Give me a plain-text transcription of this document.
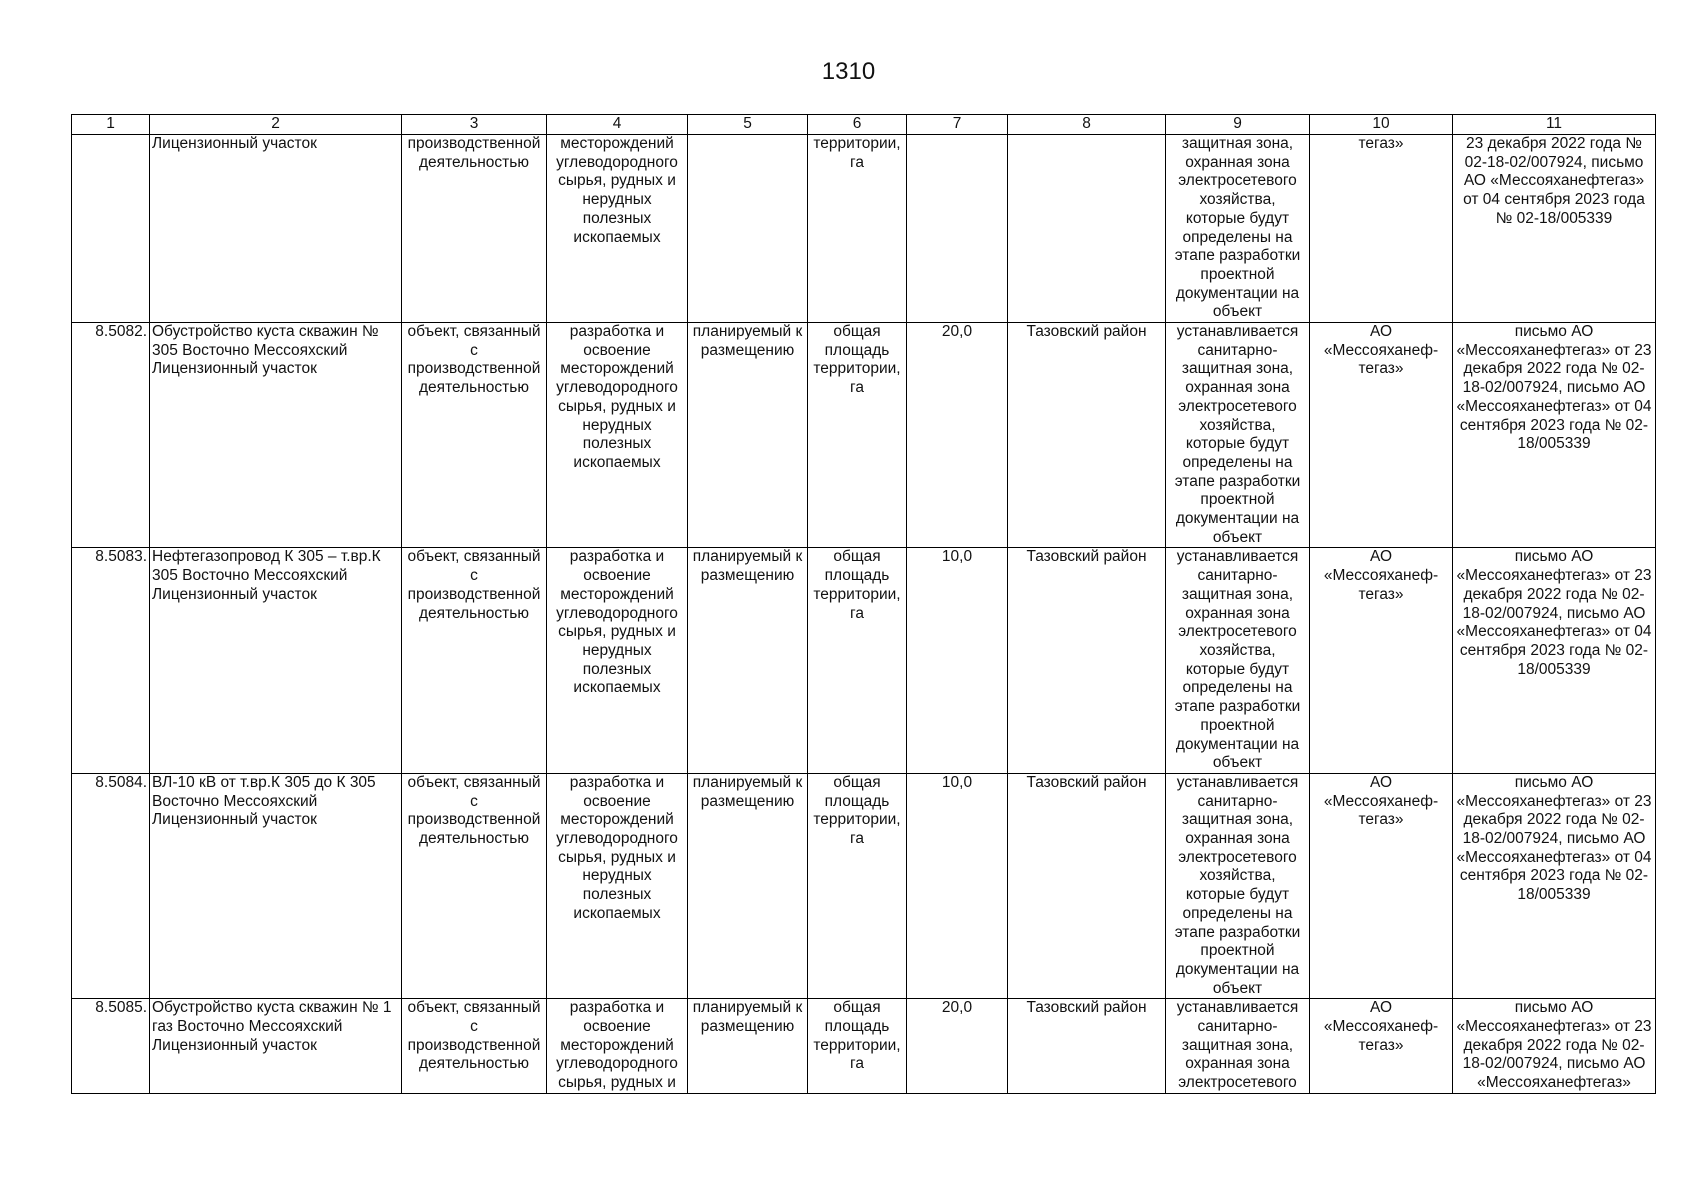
1310
1	2	3	4	5	6	7	8	9	10	11
	Лицензионный участок	производственной деятельностью	месторождений углеводородного сырья, рудных и нерудных полезных ископаемых		территории, га			защитная зона, охранная зона электросетевого хозяйства, которые будут определены на этапе разработки проектной документации на объект	тегаз»	23 декабря 2022 года № 02-18-02/007924, письмо АО «Мессояханефтегаз» от 04 сентября 2023 года № 02-18/005339
8.5082.	Обустройство куста скважин № 305 Восточно Мессояхский Лицензионный участок	объект, связанный с производственной деятельностью	разработка и освоение месторождений углеводородного сырья, рудных и нерудных полезных ископаемых	планируемый к размещению	общая площадь территории, га	20,0	Тазовский район	устанавливается санитарно-защитная зона, охранная зона электросетевого хозяйства, которые будут определены на этапе разработки проектной документации на объект	АО «Мессояханеф-тегаз»	письмо АО «Мессояханефтегаз» от 23 декабря 2022 года № 02-18-02/007924, письмо АО «Мессояханефтегаз» от 04 сентября 2023 года № 02-18/005339
8.5083.	Нефтегазопровод К 305 – т.вр.К 305 Восточно Мессояхский Лицензионный участок	объект, связанный с производственной деятельностью	разработка и освоение месторождений углеводородного сырья, рудных и нерудных полезных ископаемых	планируемый к размещению	общая площадь территории, га	10,0	Тазовский район	устанавливается санитарно-защитная зона, охранная зона электросетевого хозяйства, которые будут определены на этапе разработки проектной документации на объект	АО «Мессояханеф-тегаз»	письмо АО «Мессояханефтегаз» от 23 декабря 2022 года № 02-18-02/007924, письмо АО «Мессояханефтегаз» от 04 сентября 2023 года № 02-18/005339
8.5084.	ВЛ-10 кВ от т.вр.К 305 до К 305 Восточно Мессояхский Лицензионный участок	объект, связанный с производственной деятельностью	разработка и освоение месторождений углеводородного сырья, рудных и нерудных полезных ископаемых	планируемый к размещению	общая площадь территории, га	10,0	Тазовский район	устанавливается санитарно-защитная зона, охранная зона электросетевого хозяйства, которые будут определены на этапе разработки проектной документации на объект	АО «Мессояханеф-тегаз»	письмо АО «Мессояханефтегаз» от 23 декабря 2022 года № 02-18-02/007924, письмо АО «Мессояханефтегаз» от 04 сентября 2023 года № 02-18/005339
8.5085.	Обустройство куста скважин № 1 газ Восточно Мессояхский Лицензионный участок	объект, связанный с производственной деятельностью	разработка и освоение месторождений углеводородного сырья, рудных и	планируемый к размещению	общая площадь территории, га	20,0	Тазовский район	устанавливается санитарно-защитная зона, охранная зона электросетевого	АО «Мессояханеф-тегаз»	письмо АО «Мессояханефтегаз» от 23 декабря 2022 года № 02-18-02/007924, письмо АО «Мессояханефтегаз»
